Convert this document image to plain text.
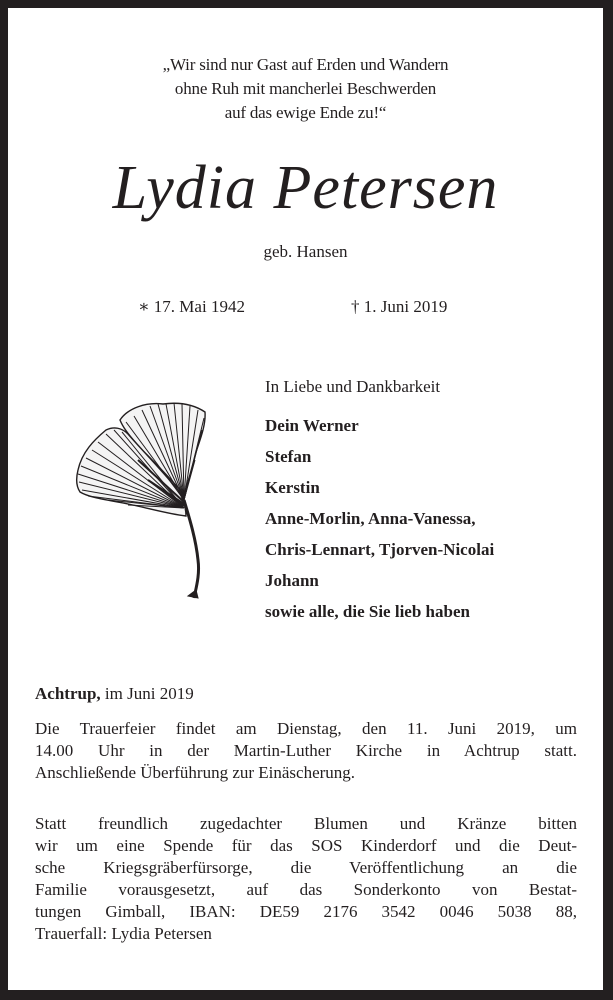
„Wir sind nur Gast auf Erden und Wandern
ohne Ruh mit mancherlei Beschwerden
auf das ewige Ende zu!“
Lydia Petersen
geb. Hansen
∗ 17. Mai 1942	† 1. Juni 2019
In Liebe und Dankbarkeit
Dein Werner
Stefan
Kerstin
Anne-Morlin, Anna-Vanessa,
Chris-Lennart, Tjorven-Nicolai
Johann
sowie alle, die Sie lieb haben
Achtrup, im Juni 2019
Die Trauerfeier findet am Dienstag, den 11. Juni 2019, um
14.00 Uhr in der Martin-Luther Kirche in Achtrup statt.
Anschließende Überführung zur Einäscherung.
Statt freundlich zugedachter Blumen und Kränze bitten
wir um eine Spende für das SOS Kinderdorf und die Deut-
sche Kriegsgräberfürsorge, die Veröffentlichung an die
Familie vorausgesetzt, auf das Sonderkonto von Bestat-
tungen Gimball, IBAN: DE59 2176 3542 0046 5038 88,
Trauerfall: Lydia Petersen
